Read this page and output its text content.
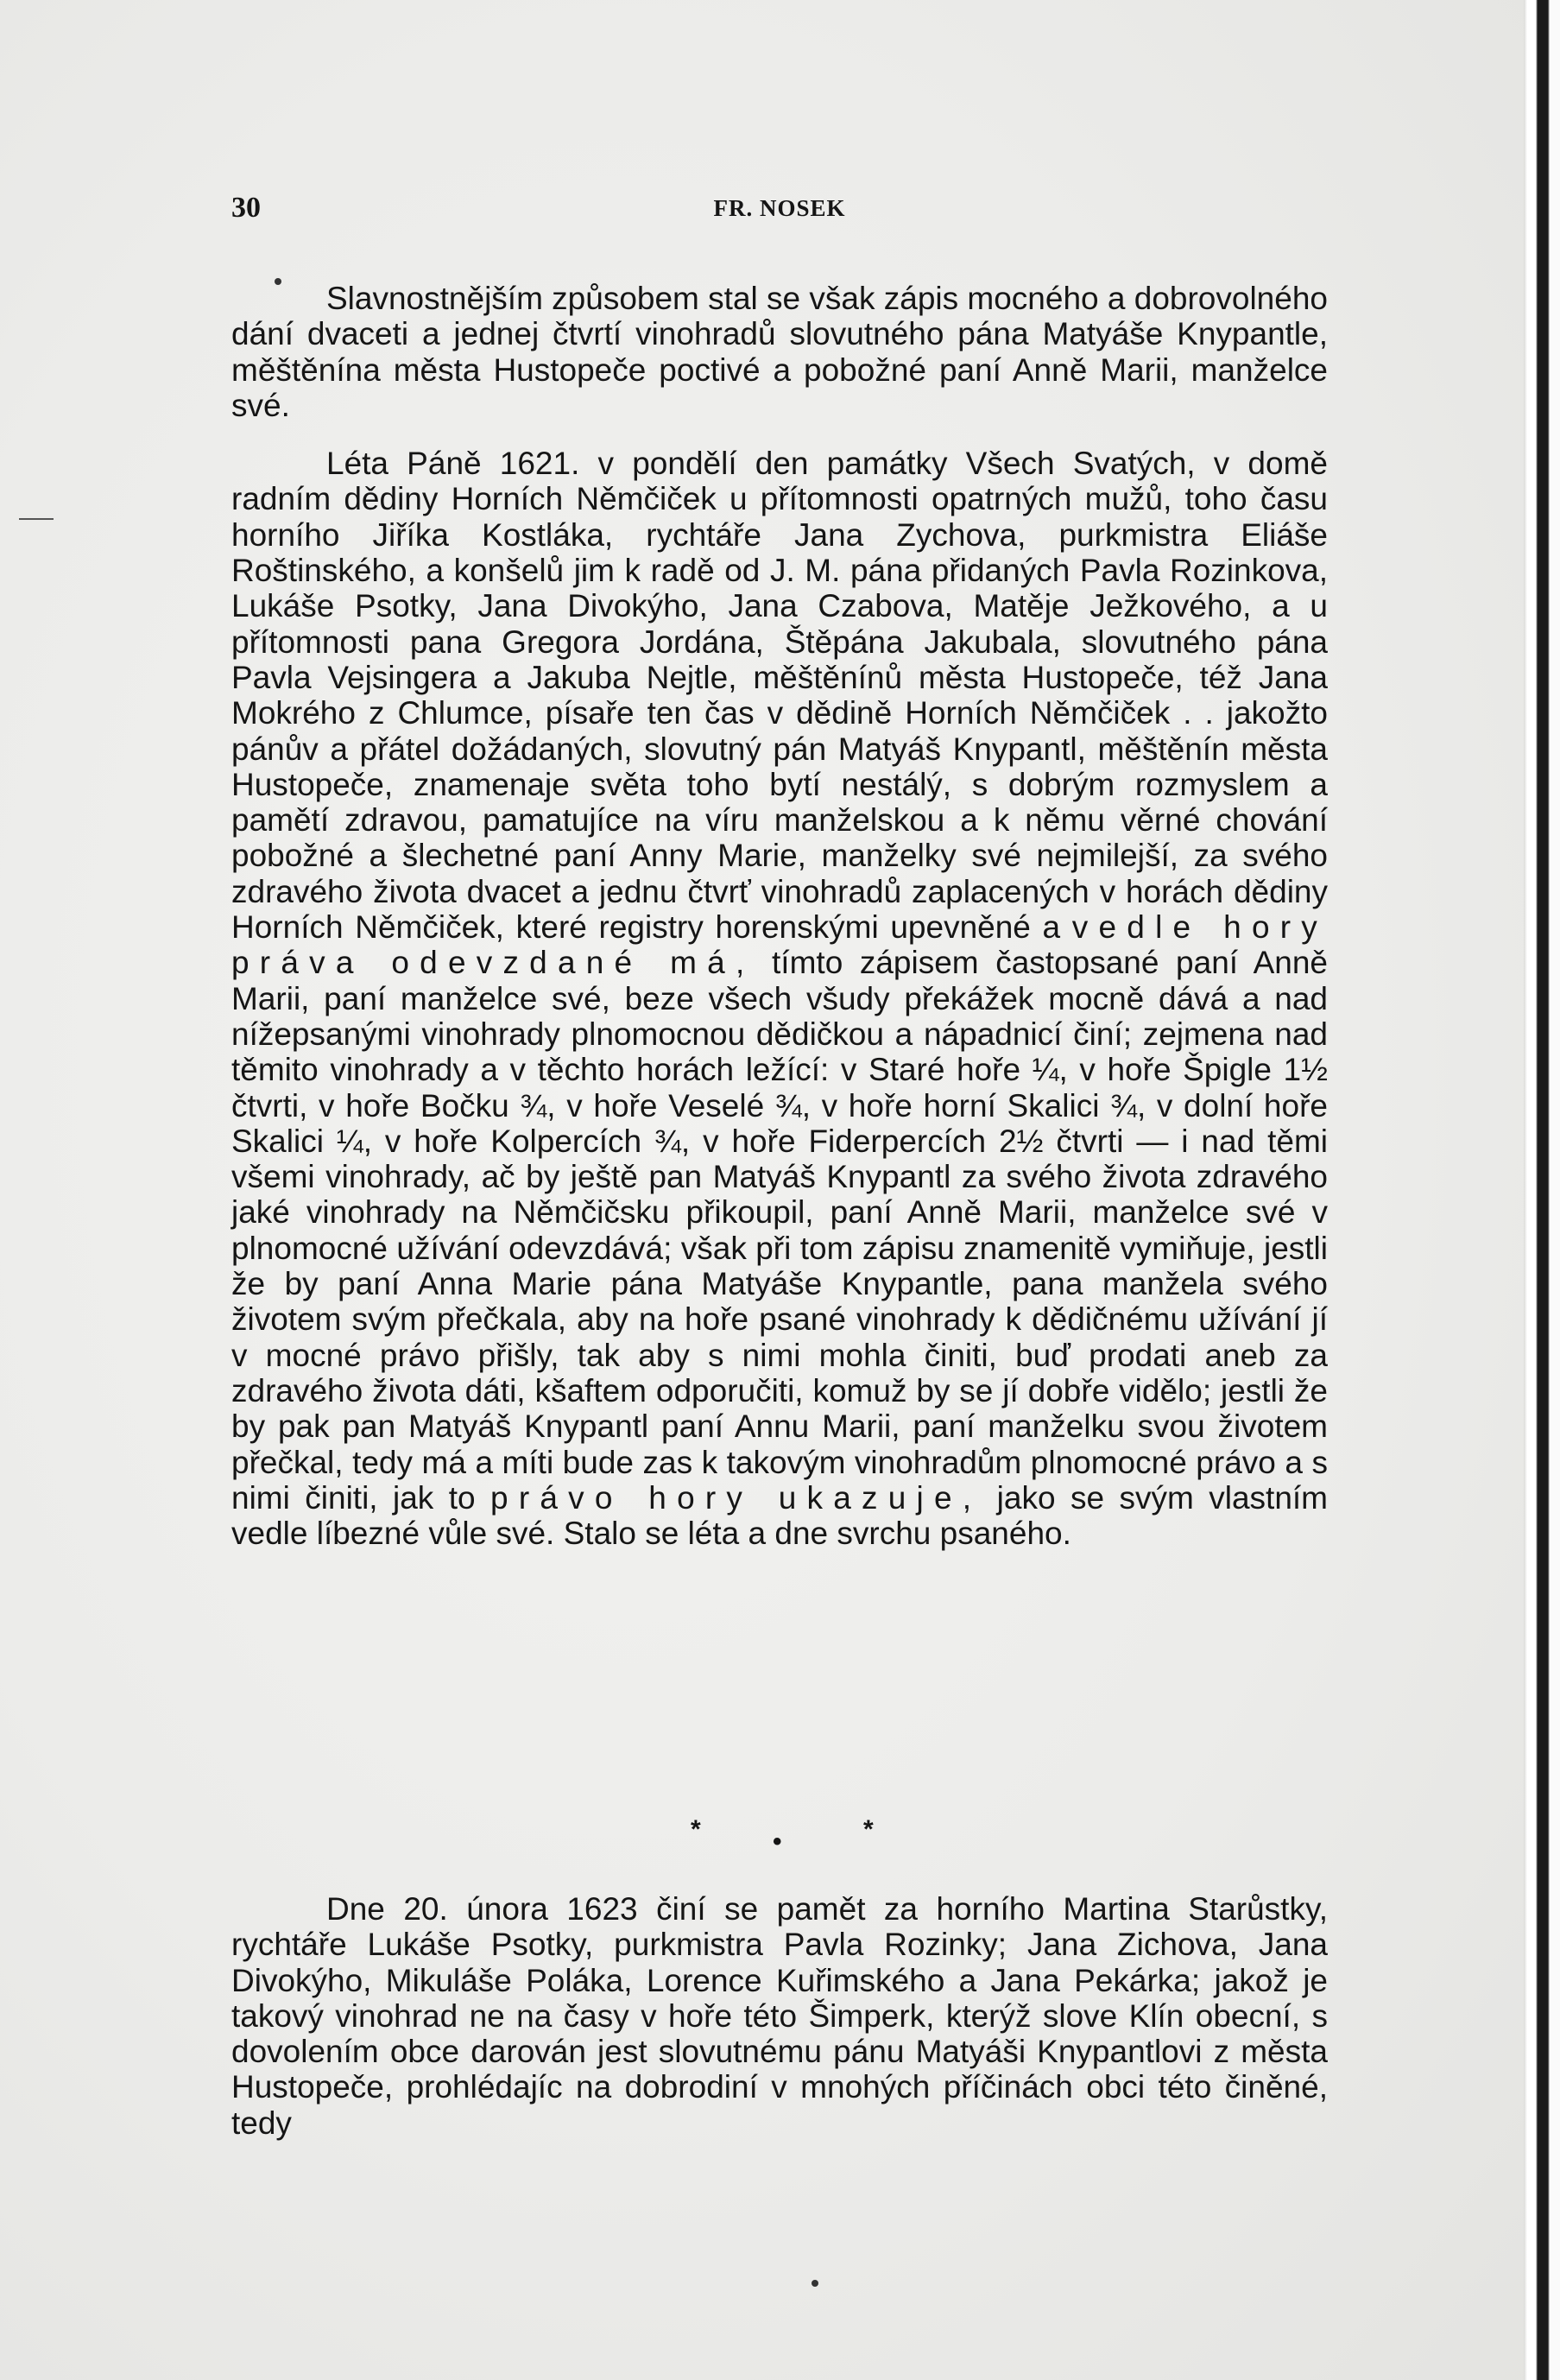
30	FR. NOSEK

Slavnostnějším způsobem stal se však zápis mocného a dobrovolného dání dvaceti a jednej čtvrtí vinohradů slovutného pána Matyáše Knypantle, měštěnína města Hustopeče poctivé a pobožné paní Anně Marii, manželce své.

Léta Páně 1621. v pondělí den památky Všech Svatých, v domě radním dědiny Horních Němčiček u přítomnosti opatrných mužů, toho času horního Jiříka Kostláka, rychtáře Jana Zychova, purkmistra Eliáše Roštinského, a konšelů jim k radě od J. M. pána přidaných Pavla Rozinkova, Lukáše Psotky, Jana Divokýho, Jana Czabova, Matěje Ježkového, a u přítomnosti pana Gregora Jordána, Štěpána Jakubala, slovutného pána Pavla Vejsingera a Jakuba Nejtle, měštěnínů města Hustopeče, též Jana Mokrého z Chlumce, písaře ten čas v dědině Horních Němčiček . . jakožto pánův a přátel dožádaných, slovutný pán Matyáš Knypantl, měštěnín města Hustopeče, znamenaje světa toho bytí nestálý, s dobrým rozmyslem a pamětí zdravou, pamatujíce na víru manželskou a k němu věrné chování pobožné a šlechetné paní Anny Marie, manželky své nejmilejší, za svého zdravého života dvacet a jednu čtvrť vinohradů zaplacených v horách dědiny Horních Němčiček, které registry horenskými upevněné a vedle hory práva odevzdané má, tímto zápisem častopsané paní Anně Marii, paní manželce své, beze všech všudy překážek mocně dává a nad nížepsanými vinohrady plnomocnou dědičkou a nápadnicí činí; zejmena nad těmito vinohrady a v těchto horách ležící: v Staré hoře ¼, v hoře Špigle 1½ čtvrti, v hoře Bočku ¾, v hoře Veselé ¾, v hoře horní Skalici ¾, v dolní hoře Skalici ¼, v hoře Kolpercích ¾, v hoře Fiderpercích 2½ čtvrti — i nad těmi všemi vinohrady, ač by ještě pan Matyáš Knypantl za svého života zdravého jaké vinohrady na Němčičsku přikoupil, paní Anně Marii, manželce své v plnomocné užívání odevzdává; však při tom zápisu znamenitě vymiňuje, jestli že by paní Anna Marie pána Matyáše Knypantle, pana manžela svého životem svým přečkala, aby na hoře psané vinohrady k dědičnému užívání jí v mocné právo přišly, tak aby s nimi mohla činiti, buď prodati aneb za zdravého života dáti, kšaftem odporučiti, komuž by se jí dobře vidělo; jestli že by pak pan Matyáš Knypantl paní Annu Marii, paní manželku svou životem přečkal, tedy má a míti bude zas k takovým vinohradům plnomocné právo a s nimi činiti, jak to právo hory ukazuje, jako se svým vlastním vedle líbezné vůle své. Stalo se léta a dne svrchu psaného.

*	•	*

Dne 20. února 1623 činí se pamět za horního Martina Starůstky, rychtáře Lukáše Psotky, purkmistra Pavla Rozinky; Jana Zichova, Jana Divokýho, Mikuláše Poláka, Lorence Kuřimského a Jana Pekárka; jakož je takový vinohrad ne na časy v hoře této Šimperk, kterýž slove Klín obecní, s dovolením obce darován jest slovutnému pánu Matyáši Knypantlovi z města Hustopeče, prohlédajíc na dobrodiní v mnohých příčinách obci této činěné, tedy
